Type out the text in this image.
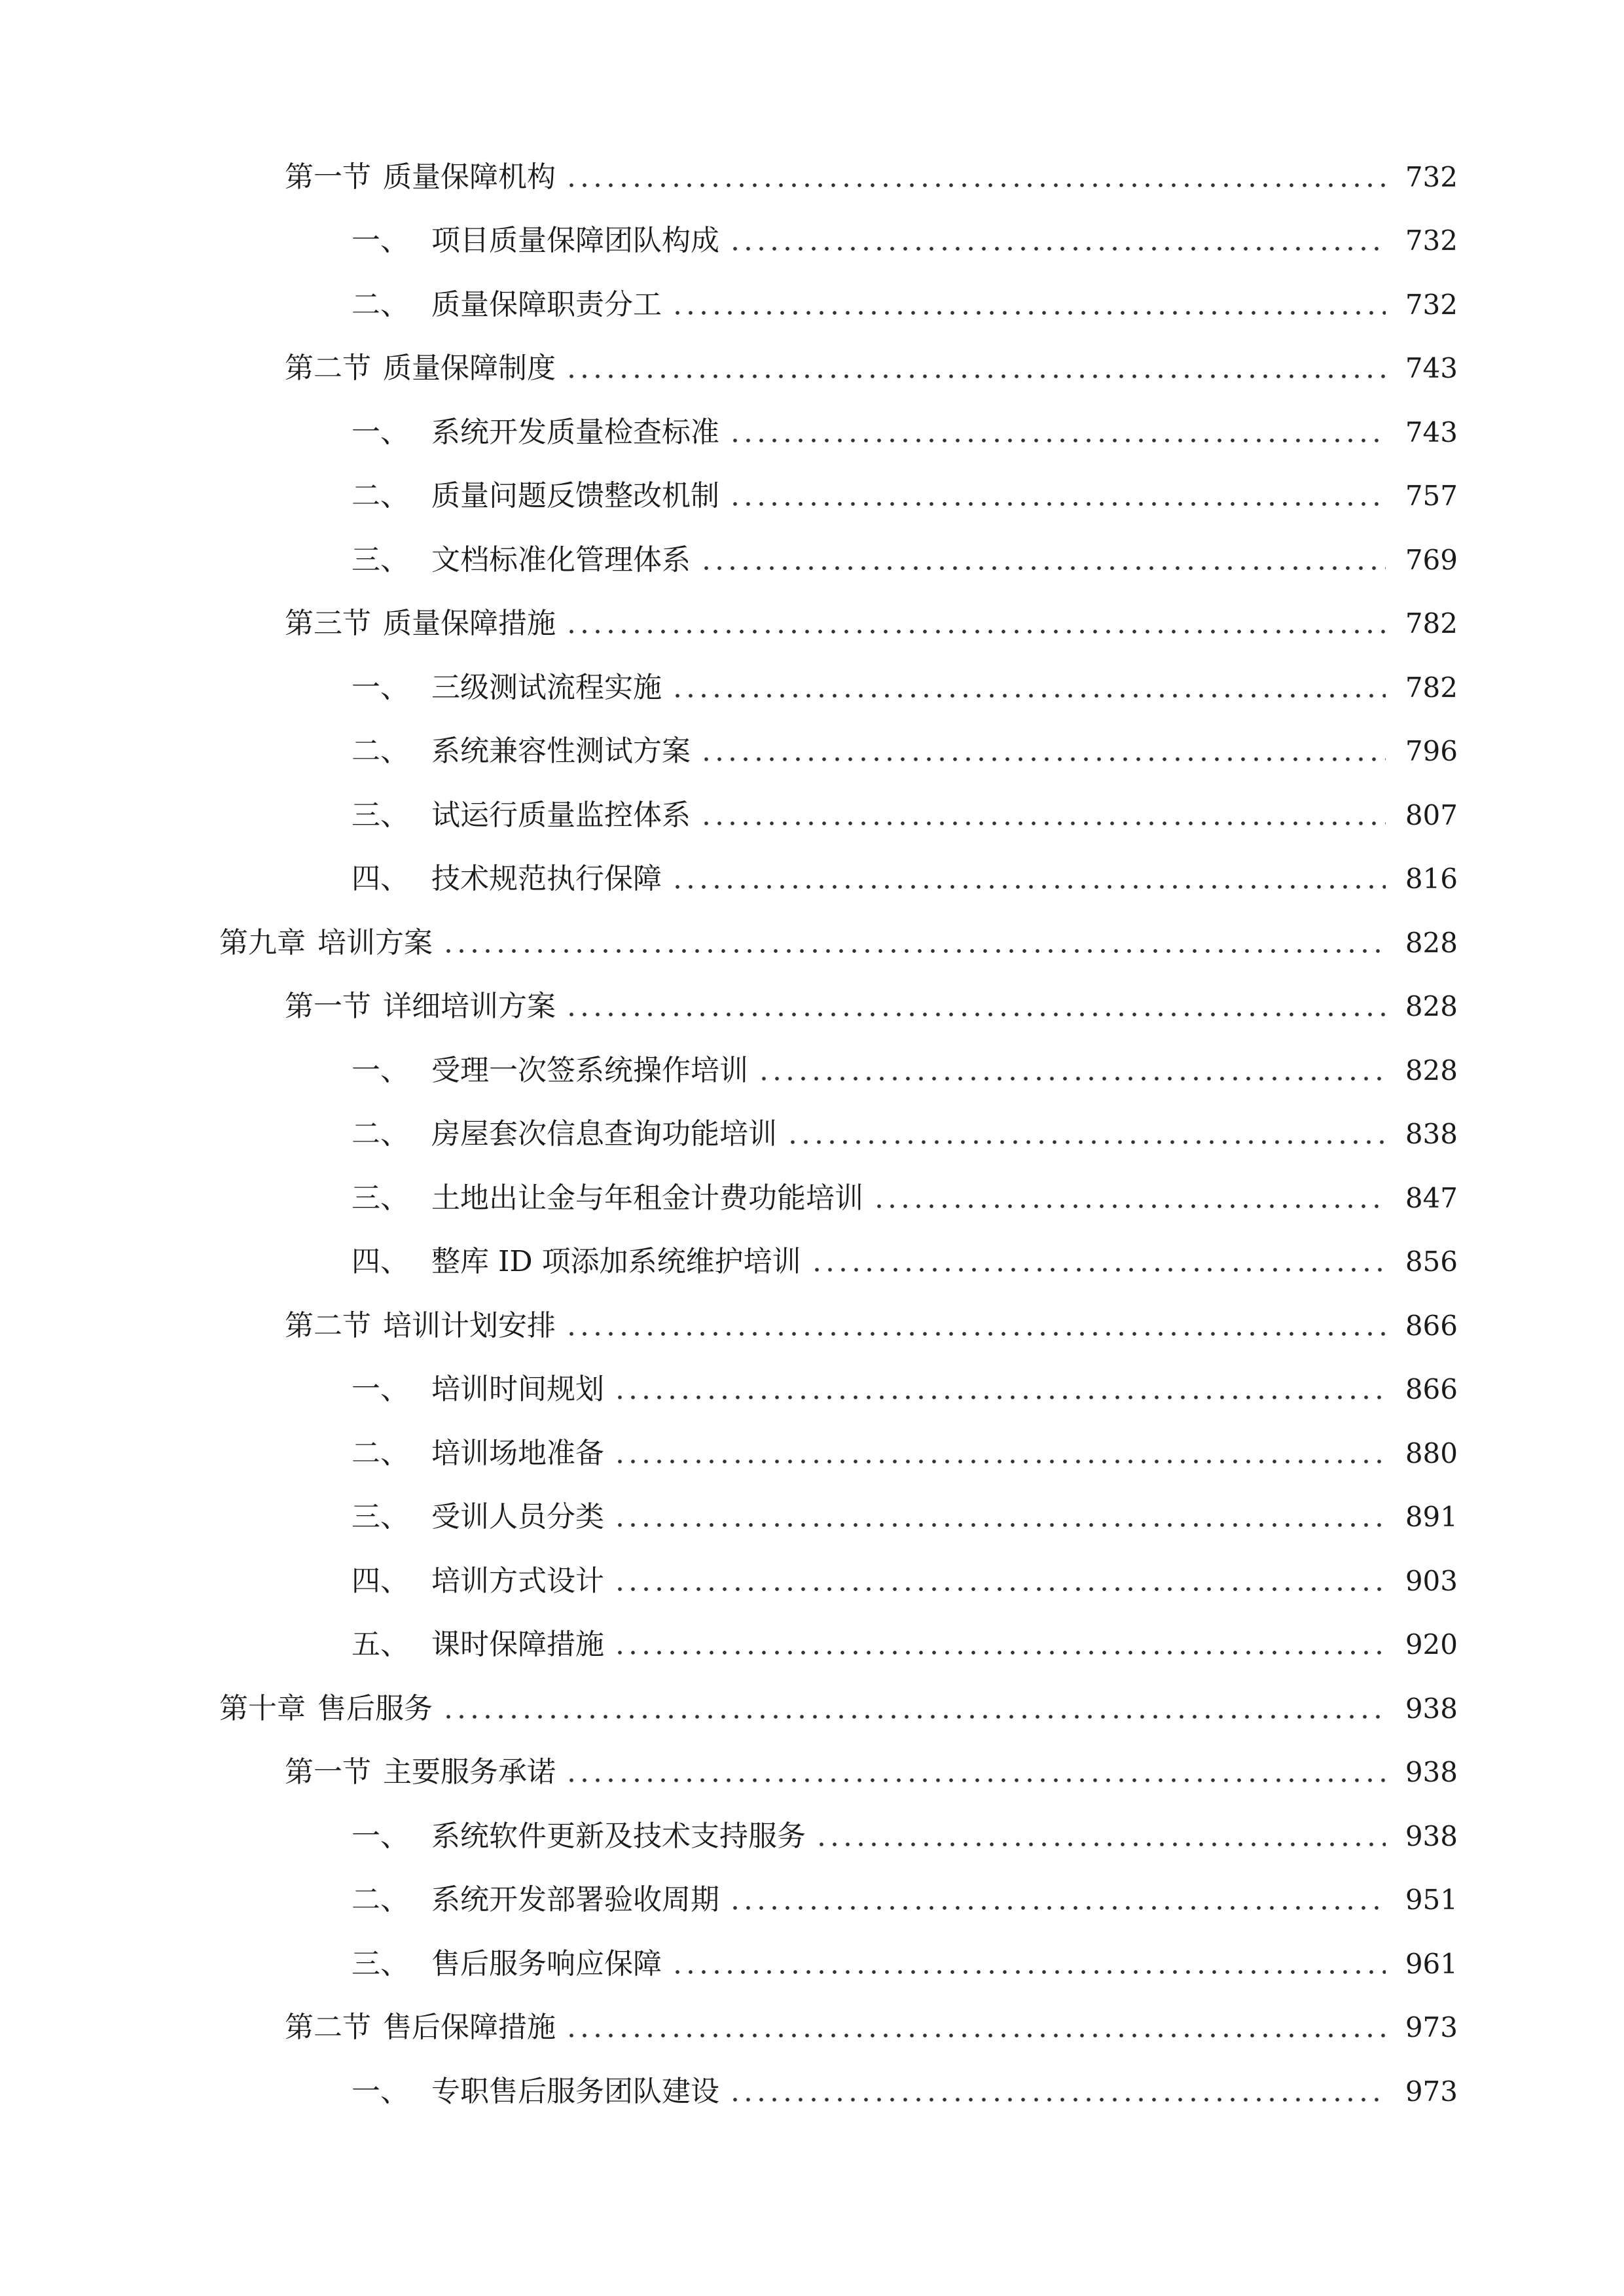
第一节 质量保障机构	732
一、 项目质量保障团队构成	732
二、 质量保障职责分工	732
第二节 质量保障制度	743
一、 系统开发质量检查标准	743
二、 质量问题反馈整改机制	757
三、 文档标准化管理体系	769
第三节 质量保障措施	782
一、 三级测试流程实施	782
二、 系统兼容性测试方案	796
三、 试运行质量监控体系	807
四、 技术规范执行保障	816
第九章 培训方案	828
第一节 详细培训方案	828
一、 受理一次签系统操作培训	828
二、 房屋套次信息查询功能培训	838
三、 土地出让金与年租金计费功能培训	847
四、 整库 ID 项添加系统维护培训	856
第二节 培训计划安排	866
一、 培训时间规划	866
二、 培训场地准备	880
三、 受训人员分类	891
四、 培训方式设计	903
五、 课时保障措施	920
第十章 售后服务	938
第一节 主要服务承诺	938
一、 系统软件更新及技术支持服务	938
二、 系统开发部署验收周期	951
三、 售后服务响应保障	961
第二节 售后保障措施	973
一、 专职售后服务团队建设	973
